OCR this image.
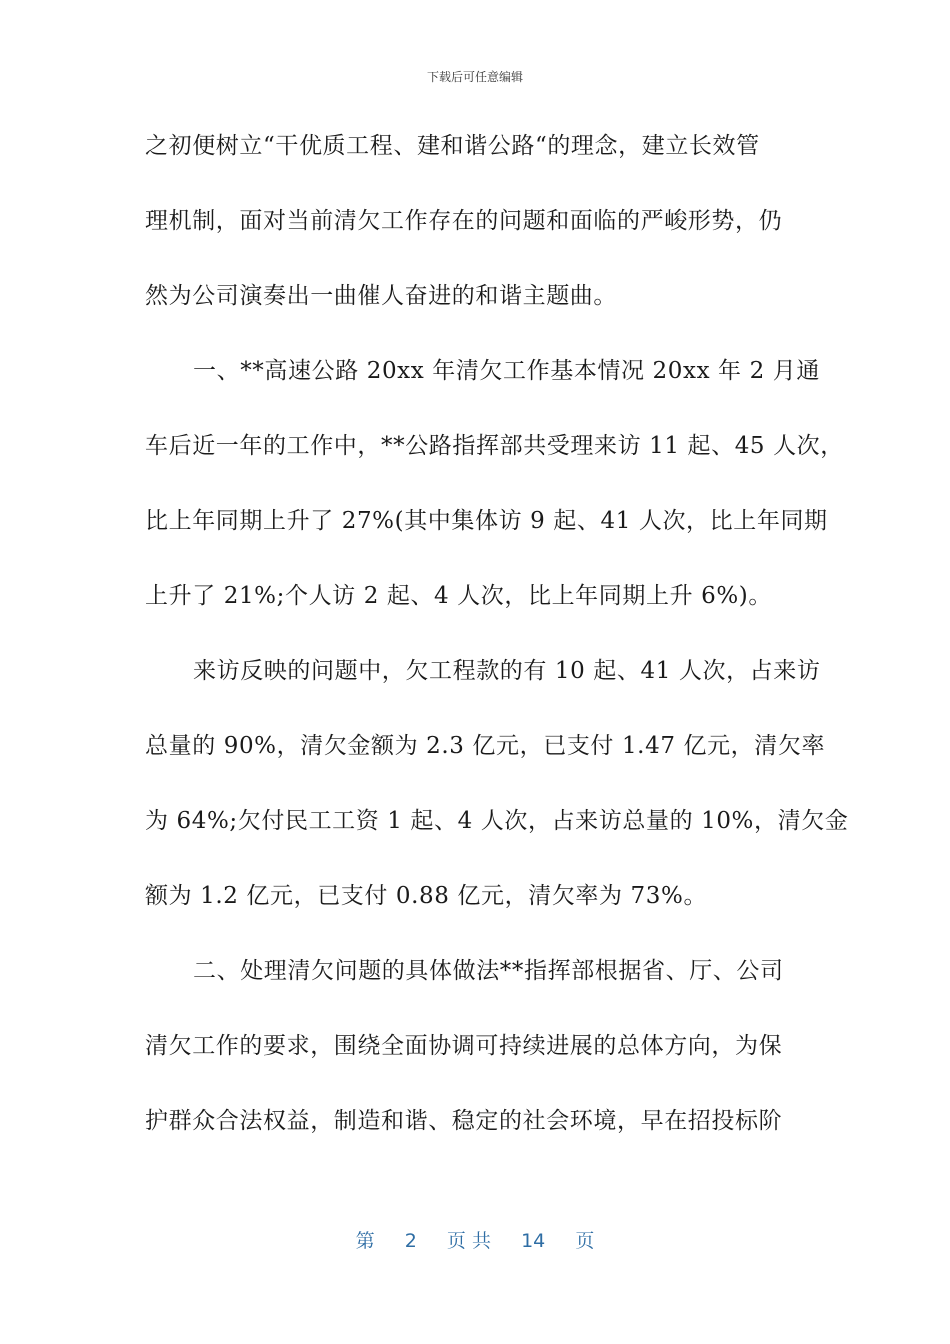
下载后可任意编辑
之初便树立“干优质工程、建和谐公路“的理念，建立长效管
理机制，面对当前清欠工作存在的问题和面临的严峻形势，仍
然为公司演奏出一曲催人奋进的和谐主题曲。
一、**高速公路 20xx 年清欠工作基本情况 20xx 年 2 月通
车后近一年的工作中，**公路指挥部共受理来访 11 起、45 人次，
比上年同期上升了 27%(其中集体访 9 起、41 人次，比上年同期
上升了 21%;个人访 2 起、4 人次，比上年同期上升 6%)。
来访反映的问题中，欠工程款的有 10 起、41 人次，占来访
总量的 90%，清欠金额为 2.3 亿元，已支付 1.47 亿元，清欠率
为 64%;欠付民工工资 1 起、4 人次，占来访总量的 10%，清欠金
额为 1.2 亿元，已支付 0.88 亿元，清欠率为 73%。
二、处理清欠问题的具体做法**指挥部根据省、厅、公司
清欠工作的要求，围绕全面协调可持续进展的总体方向，为保
护群众合法权益，制造和谐、稳定的社会环境，早在招投标阶
第 2 页 共 14 页
